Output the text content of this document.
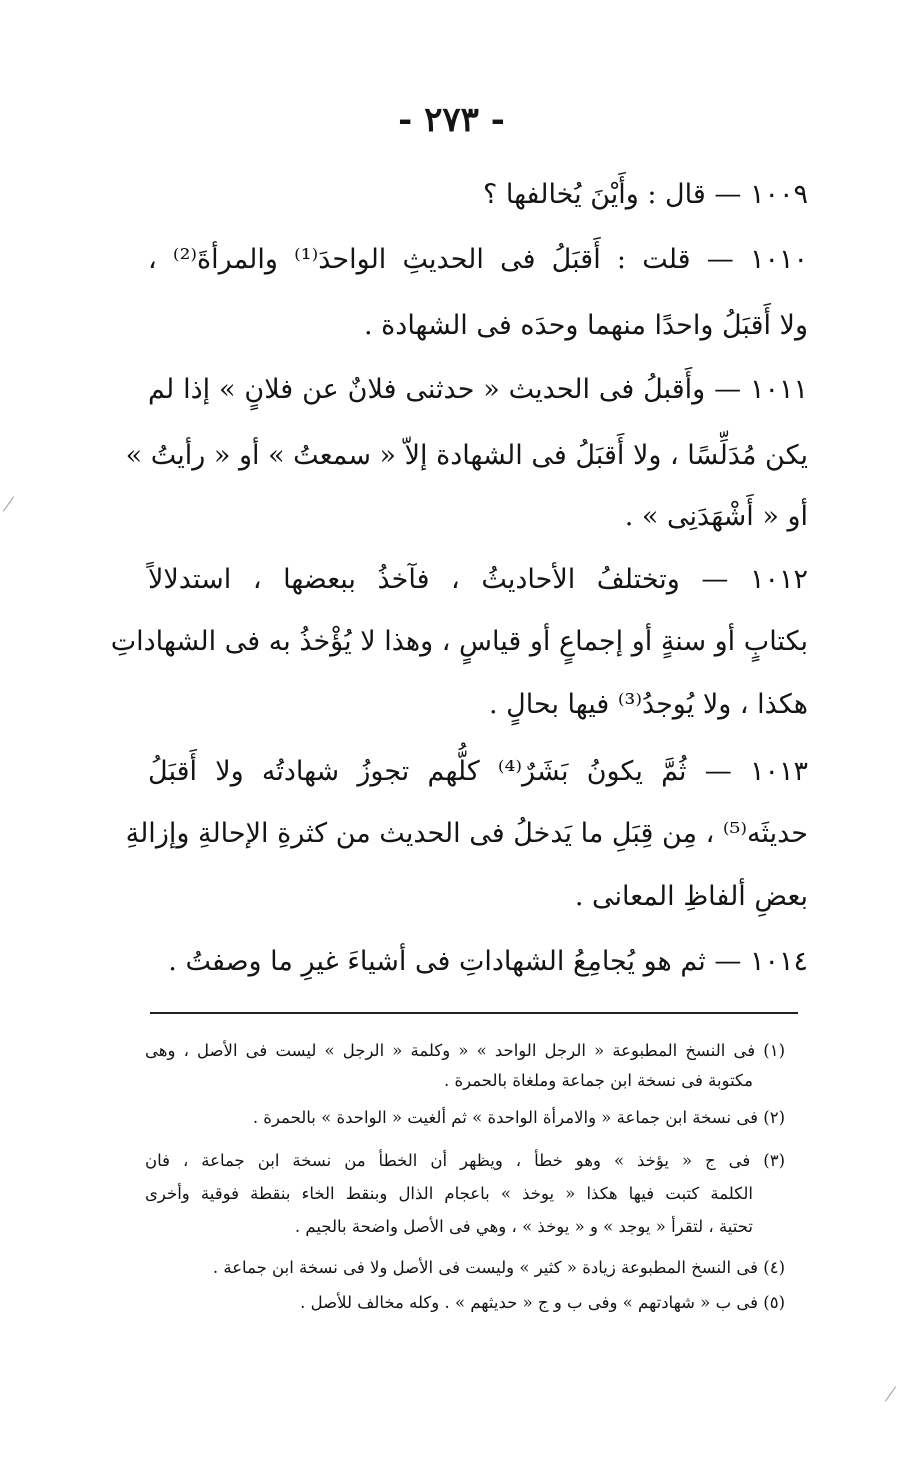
- ٢٧٣ -
١٠٠٩ — قال : وأَيْنَ يُخالفها ؟
١٠١٠ — قلت : أَقبَلُ فى الحديثِ الواحدَ⁽¹⁾ والمرأةَ⁽²⁾ ،
ولا أَقبَلُ واحدًا منهما وحدَه فى الشهادة .
١٠١١ — وأَقبلُ فى الحديث « حدثنى فلانٌ عن فلانٍ » إذا لم
يكن مُدَلِّسًا ، ولا أَقبَلُ فى الشهادة إلاّ « سمعتُ » أو « رأيتُ »
أو « أَشْهَدَنِى » .
١٠١٢ — وتختلفُ الأحاديثُ ، فآخذُ ببعضها ، استدلالاً
بكتابٍ أو سنةٍ أو إجماعٍ أو قياسٍ ، وهذا لا يُؤْخذُ به فى الشهاداتِ
هكذا ، ولا يُوجدُ⁽³⁾ فيها بحالٍ .
١٠١٣ — ثُمَّ يكونُ بَشَرٌ⁽⁴⁾ كلُّهم تجوزُ شهادتُه ولا أَقبَلُ
حديثَه⁽⁵⁾ ، مِن قِبَلِ ما يَدخلُ فى الحديث من كثرةِ الإحالةِ وإزالةِ
بعضِ ألفاظِ المعانى .
١٠١٤ — ثم هو يُجامِعُ الشهاداتِ فى أشياءَ غيرِ ما وصفتُ .
(١) فى النسخ المطبوعة « الرجل الواحد » « وكلمة « الرجل » ليست فى الأصل ، وهى
مكتوبة فى نسخة ابن جماعة وملغاة بالحمرة .
(٢) فى نسخة ابن جماعة « والامرأة الواحدة » ثم ألغيت « الواحدة » بالحمرة .
(٣) فى ج « يؤخذ » وهو خطأ ، ويظهر أن الخطأ من نسخة ابن جماعة ، فان
الكلمة كتبت فيها هكذا « يوخذ » باعجام الذال وبنقط الخاء بنقطة فوقية وأخرى
تحتية ، لتقرأ « يوجد » و « يوخذ » ، وهي فى الأصل واضحة بالجيم .
(٤) فى النسخ المطبوعة زيادة « كثير » وليست فى الأصل ولا فى نسخة ابن جماعة .
(٥) فى ب « شهادتهم » وفى ب و ج « حديثهم » . وكله مخالف للأصل .
